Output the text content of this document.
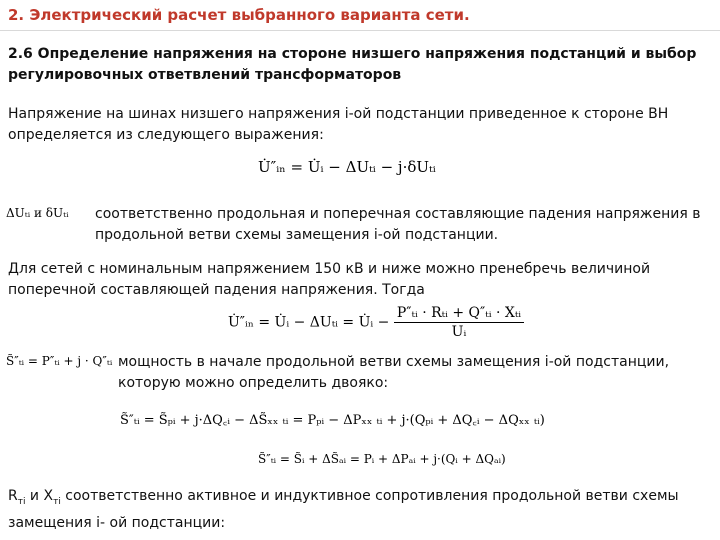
2. Электрический расчет выбранного варианта сети.
2.6 Определение напряжения на стороне низшего напряжения подстанций и выбор регулировочных ответвлений трансформаторов
Напряжение на шинах низшего напряжения i-ой подстанции приведенное к стороне ВН определяется из следующего выражения:
U̇″ᵢₙ = U̇ᵢ − ΔUₜᵢ − j·δUₜᵢ
ΔUₜᵢ и δUₜᵢ соответственно продольная и поперечная составляющие падения напряжения в продольной ветви схемы замещения i-ой подстанции.
Для сетей с номинальным напряжением 150 кВ и ниже можно пренебречь величиной поперечной составляющей падения напряжения. Тогда
U̇″ᵢₙ = U̇ᵢ − ΔUₜᵢ = U̇ᵢ − $\frac{\text{P″ₜᵢ · Rₜᵢ + Q″ₜᵢ · Xₜᵢ}}{\text{Uᵢ}}$
S̃″ₜᵢ = P″ₜᵢ + j · Q″ₜᵢ мощность в начале продольной ветви схемы замещения i-ой подстанции, которую можно определить двояко:
S̃″ₜᵢ = S̃ₚᵢ + j·ΔQ꜀ᵢ − ΔS̃ₓₓ ₜᵢ = Pₚᵢ − ΔPₓₓ ₜᵢ + j·(Qₚᵢ + ΔQ꜀ᵢ − ΔQₓₓ ₜᵢ)
S̃″ₜᵢ = S̃ᵢ + ΔS̃ₐᵢ = Pᵢ + ΔPₐᵢ + j·(Qᵢ + ΔQₐᵢ)
$R_{тi}$ и $X_{тi}$ соответственно активное и индуктивное сопротивления продольной ветви схемы замещения i- ой подстанции:
